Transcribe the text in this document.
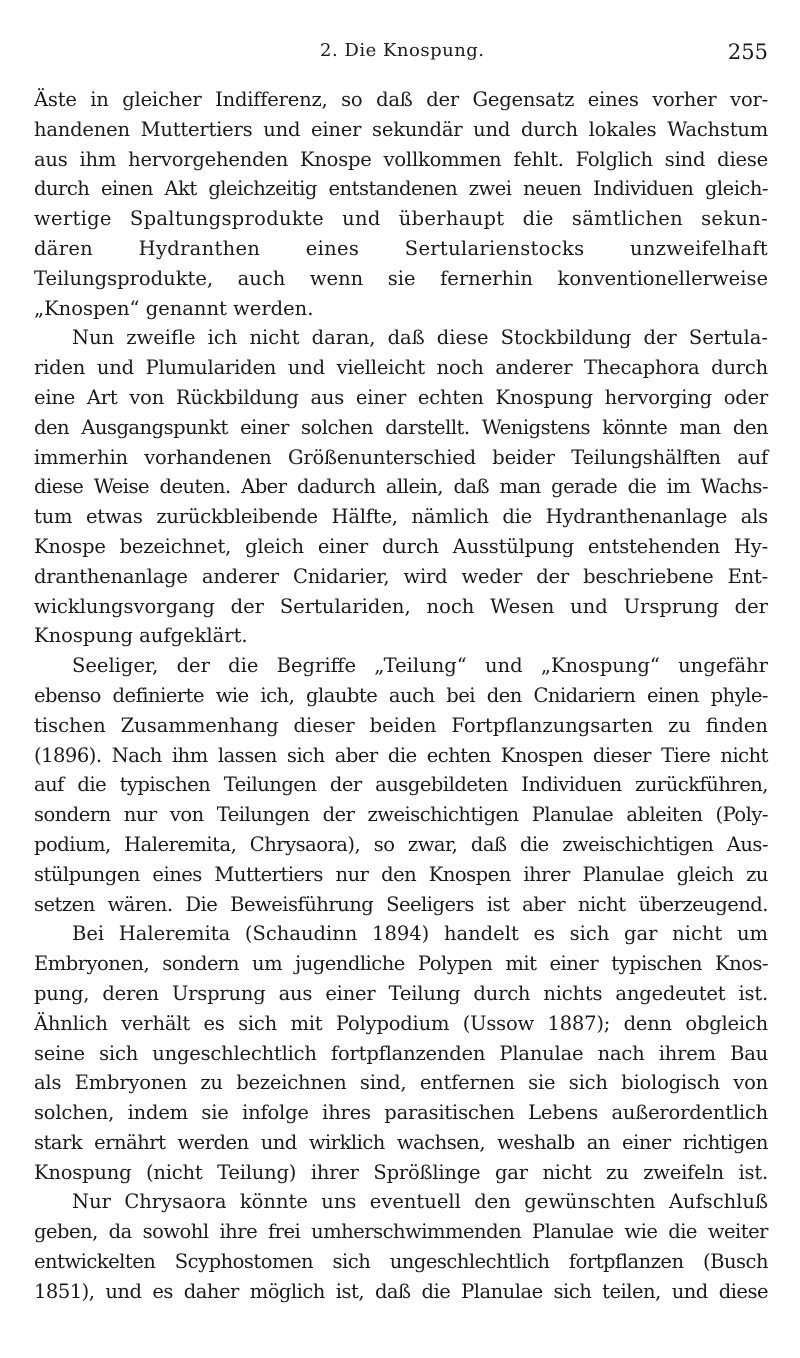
2. Die Knospung.	255
Äste in gleicher Indifferenz, so daß der Gegensatz eines vorher vor-
handenen Muttertiers und einer sekundär und durch lokales Wachstum
aus ihm hervorgehenden Knospe vollkommen fehlt. Folglich sind diese
durch einen Akt gleichzeitig entstandenen zwei neuen Individuen gleich-
wertige Spaltungsprodukte und überhaupt die sämtlichen sekun-
dären Hydranthen eines Sertularienstocks unzweifelhaft
Teilungsprodukte, auch wenn sie fernerhin konventionellerweise
„Knospen“ genannt werden.
Nun zweifle ich nicht daran, daß diese Stockbildung der Sertula-
riden und Plumulariden und vielleicht noch anderer Thecaphora durch
eine Art von Rückbildung aus einer echten Knospung hervorging oder
den Ausgangspunkt einer solchen darstellt. Wenigstens könnte man den
immerhin vorhandenen Größenunterschied beider Teilungshälften auf
diese Weise deuten. Aber dadurch allein, daß man gerade die im Wachs-
tum etwas zurückbleibende Hälfte, nämlich die Hydranthenanlage als
Knospe bezeichnet, gleich einer durch Ausstülpung entstehenden Hy-
dranthenanlage anderer Cnidarier, wird weder der beschriebene Ent-
wicklungsvorgang der Sertulariden, noch Wesen und Ursprung der
Knospung aufgeklärt.
Seeliger, der die Begriffe „Teilung“ und „Knospung“ ungefähr
ebenso definierte wie ich, glaubte auch bei den Cnidariern einen phyle-
tischen Zusammenhang dieser beiden Fortpflanzungsarten zu finden
(1896). Nach ihm lassen sich aber die echten Knospen dieser Tiere nicht
auf die typischen Teilungen der ausgebildeten Individuen zurückführen,
sondern nur von Teilungen der zweischichtigen Planulae ableiten (Poly-
podium, Haleremita, Chrysaora), so zwar, daß die zweischichtigen Aus-
stülpungen eines Muttertiers nur den Knospen ihrer Planulae gleich zu
setzen wären. Die Beweisführung Seeligers ist aber nicht überzeugend.
Bei Haleremita (Schaudinn 1894) handelt es sich gar nicht um
Embryonen, sondern um jugendliche Polypen mit einer typischen Knos-
pung, deren Ursprung aus einer Teilung durch nichts angedeutet ist.
Ähnlich verhält es sich mit Polypodium (Ussow 1887); denn obgleich
seine sich ungeschlechtlich fortpflanzenden Planulae nach ihrem Bau
als Embryonen zu bezeichnen sind, entfernen sie sich biologisch von
solchen, indem sie infolge ihres parasitischen Lebens außerordentlich
stark ernährt werden und wirklich wachsen, weshalb an einer richtigen
Knospung (nicht Teilung) ihrer Sprößlinge gar nicht zu zweifeln ist.
Nur Chrysaora könnte uns eventuell den gewünschten Aufschluß
geben, da sowohl ihre frei umherschwimmenden Planulae wie die weiter
entwickelten Scyphostomen sich ungeschlechtlich fortpflanzen (Busch
1851), und es daher möglich ist, daß die Planulae sich teilen, und diese
